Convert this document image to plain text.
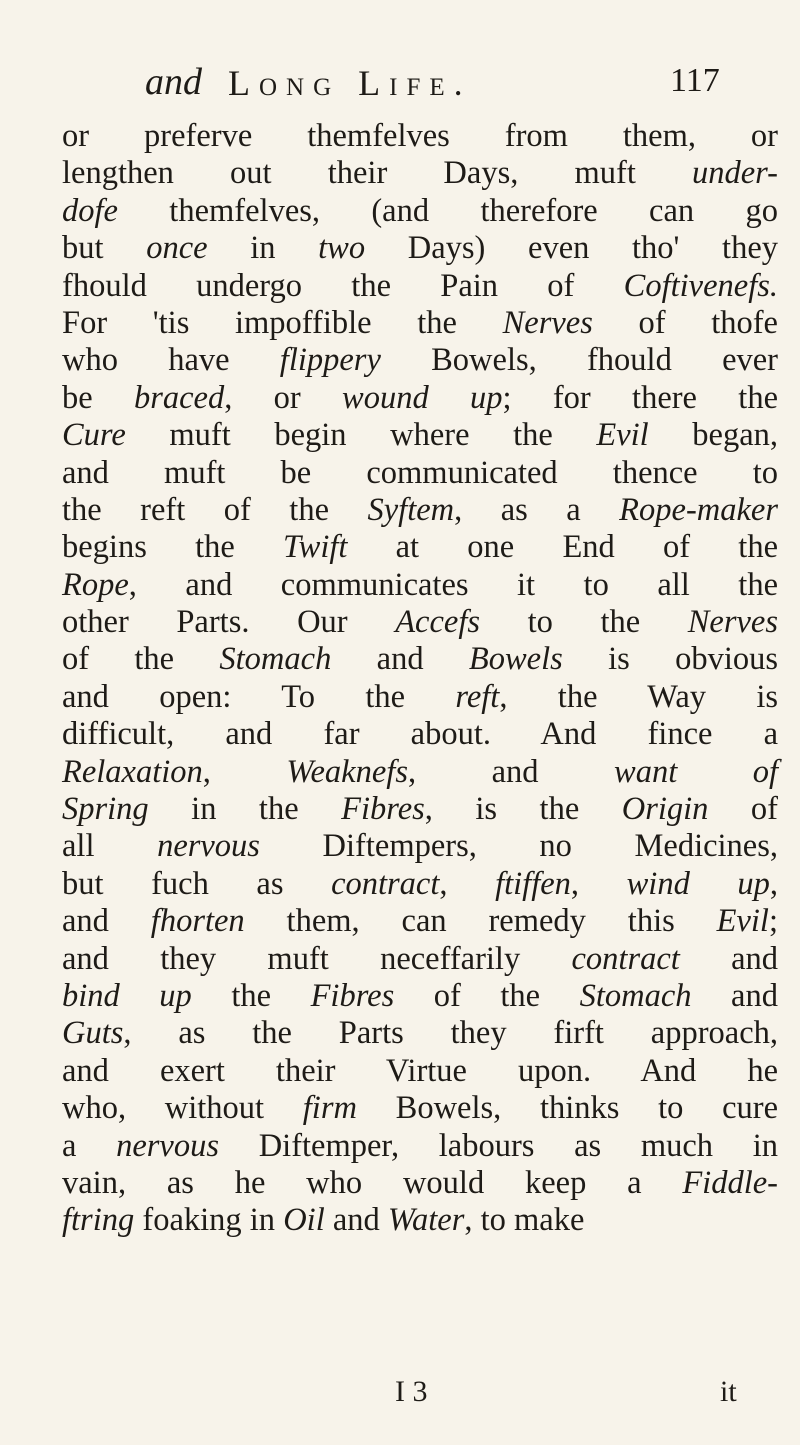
and Long Life.	117
or preferve themfelves from them, or
lengthen out their Days, muft under-
dofe themfelves, (and therefore can go
but once in two Days) even tho' they
fhould undergo the Pain of Coftivenefs.
For 'tis impoffible the Nerves of thofe
who have flippery Bowels, fhould ever
be braced, or wound up; for there the
Cure muft begin where the Evil began,
and muft be communicated thence to
the reft of the Syftem, as a Rope-maker
begins the Twift at one End of the
Rope, and communicates it to all the
other Parts. Our Accefs to the Nerves
of the Stomach and Bowels is obvious
and open: To the reft, the Way is
difficult, and far about. And fince a
Relaxation, Weaknefs, and want of
Spring in the Fibres, is the Origin of
all nervous Diftempers, no Medicines,
but fuch as contract, ftiffen, wind up,
and fhorten them, can remedy this Evil;
and they muft neceffarily contract and
bind up the Fibres of the Stomach and
Guts, as the Parts they firft approach,
and exert their Virtue upon. And he
who, without firm Bowels, thinks to cure
a nervous Diftemper, labours as much in
vain, as he who would keep a Fiddle-
ftring foaking in Oil and Water, to make
I 3	it
